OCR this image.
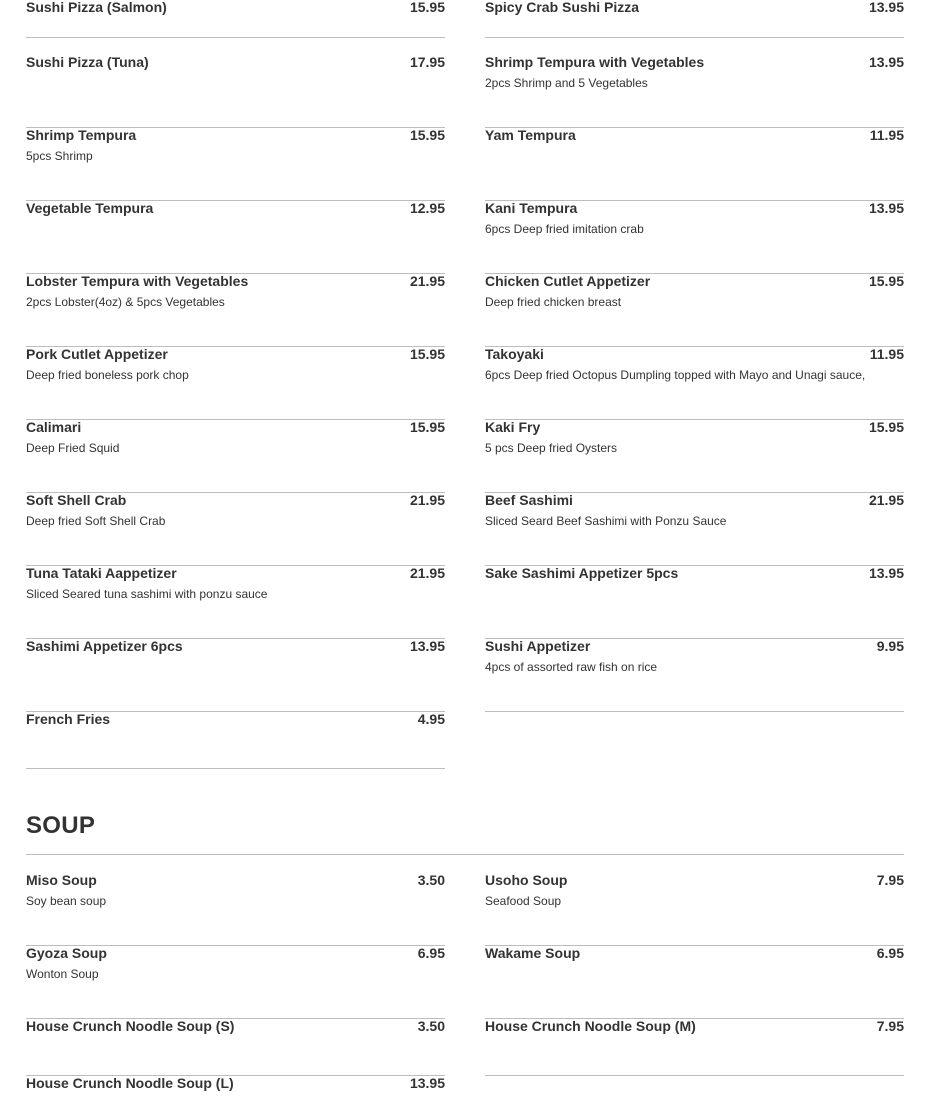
Sushi Pizza (Salmon)	15.95
Sushi Pizza (Tuna)	17.95
Shrimp Tempura	15.95
5pcs Shrimp
Vegetable Tempura	12.95
Lobster Tempura with Vegetables	21.95
2pcs Lobster(4oz) & 5pcs Vegetables
Pork Cutlet Appetizer	15.95
Deep fried boneless pork chop
Calimari	15.95
Deep Fried Squid
Soft Shell Crab	21.95
Deep fried Soft Shell Crab
Tuna Tataki Aappetizer	21.95
Sliced Seared tuna sashimi with ponzu sauce
Sashimi Appetizer 6pcs	13.95
French Fries	4.95
Spicy Crab Sushi Pizza	13.95
Shrimp Tempura with Vegetables	13.95
2pcs Shrimp and 5 Vegetables
Yam Tempura	11.95
Kani Tempura	13.95
6pcs Deep fried imitation crab
Chicken Cutlet Appetizer	15.95
Deep fried chicken breast
Takoyaki	11.95
6pcs Deep fried Octopus Dumpling topped with Mayo and Unagi sauce,
Kaki Fry	15.95
5 pcs Deep fried Oysters
Beef Sashimi	21.95
Sliced Seard Beef Sashimi with Ponzu Sauce
Sake Sashimi Appetizer 5pcs	13.95
Sushi Appetizer	9.95
4pcs of assorted raw fish on rice
SOUP
Miso Soup	3.50
Soy bean soup
Gyoza Soup	6.95
Wonton Soup
House Crunch Noodle Soup (S)	3.50
House Crunch Noodle Soup (L)	13.95
Usoho Soup	7.95
Seafood Soup
Wakame Soup	6.95
House Crunch Noodle Soup (M)	7.95
